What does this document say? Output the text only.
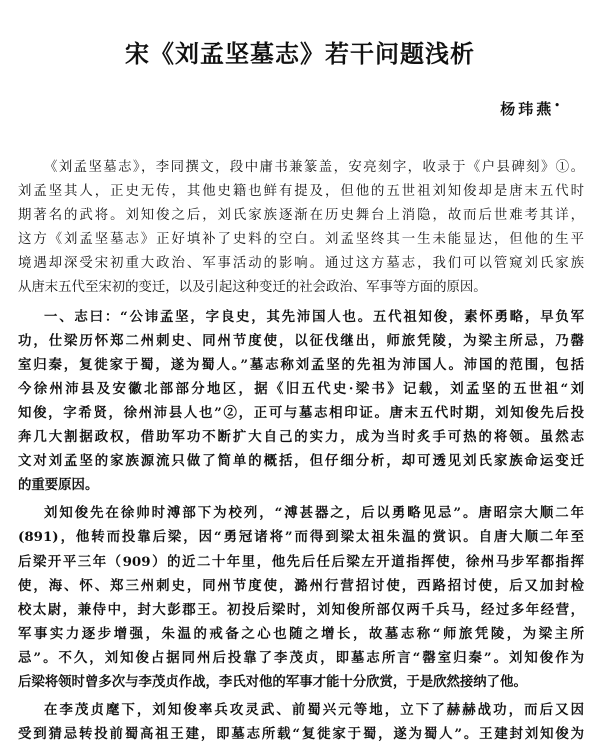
宋《刘孟坚墓志》若干问题浅析
杨玮燕•
《刘孟坚墓志》，李同撰文，段中庸书兼篆盖，安亮刻字，收录于《户县碑刻》①。
刘孟坚其人，正史无传，其他史籍也鲜有提及，但他的五世祖刘知俊却是唐末五代时
期著名的武将。刘知俊之后，刘氏家族逐渐在历史舞台上消隐，故而后世难考其详，
这方《刘孟坚墓志》正好填补了史料的空白。刘孟坚终其一生未能显达，但他的生平
境遇却深受宋初重大政治、军事活动的影响。通过这方墓志，我们可以管窥刘氏家族
从唐末五代至宋初的变迁，以及引起这种变迁的社会政治、军事等方面的原因。
一、志曰：“公讳孟坚，字良史，其先沛国人也。五代祖知俊，素怀勇略，早负军
功，仕梁历怀郑二州刺史、同州节度使，以征伐继出，师旅凭陵，为梁主所忌，乃罄
室归秦，复徙家于蜀，遂为蜀人。”墓志称刘孟坚的先祖为沛国人。沛国的范围，包括
今徐州沛县及安徽北部部分地区，据《旧五代史·梁书》记载，刘孟坚的五世祖“刘
知俊，字希贤，徐州沛县人也”②，正可与墓志相印证。唐末五代时期，刘知俊先后投
奔几大割据政权，借助军功不断扩大自己的实力，成为当时炙手可热的将领。虽然志
文对刘孟坚的家族源流只做了简单的概括，但仔细分析，却可透见刘氏家族命运变迁
的重要原因。
刘知俊先在徐帅时溥部下为校列，“溥甚器之，后以勇略见忌”。唐昭宗大顺二年
(891)，他转而投靠后梁，因“勇冠诸将”而得到梁太祖朱温的赏识。自唐大顺二年至
后梁开平三年（909）的近二十年里，他先后任后梁左开道指挥使，徐州马步军都指挥
使，海、怀、郑三州刺史，同州节度使，潞州行营招讨使，西路招讨使，后又加封检
校太尉，兼侍中，封大彭郡王。初投后梁时，刘知俊所部仅两千兵马，经过多年经营，
军事实力逐步增强，朱温的戒备之心也随之增长，故墓志称“师旅凭陵，为梁主所
忌”。不久，刘知俊占据同州后投靠了李茂贞，即墓志所言“罄室归秦”。刘知俊作为
后梁将领时曾多次与李茂贞作战，李氏对他的军事才能十分欣赏，于是欣然接纳了他。
在李茂贞麾下，刘知俊率兵攻灵武、前蜀兴元等地，立下了赫赫战功，而后又因
受到猜忌转投前蜀高祖王建，即墓志所载“复徙家于蜀，遂为蜀人”。王建封刘知俊为
